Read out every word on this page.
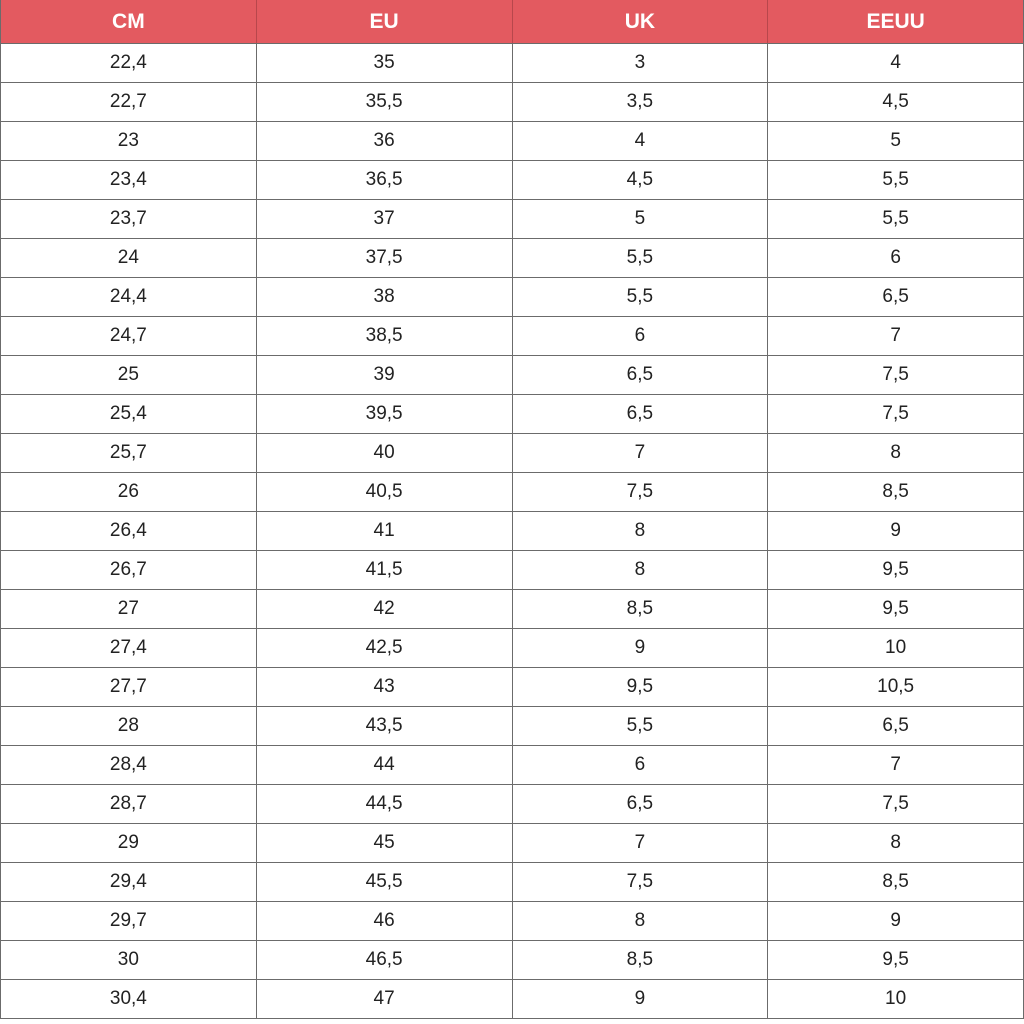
CM	EU	UK	EEUU
22,4	35	3	4
22,7	35,5	3,5	4,5
23	36	4	5
23,4	36,5	4,5	5,5
23,7	37	5	5,5
24	37,5	5,5	6
24,4	38	5,5	6,5
24,7	38,5	6	7
25	39	6,5	7,5
25,4	39,5	6,5	7,5
25,7	40	7	8
26	40,5	7,5	8,5
26,4	41	8	9
26,7	41,5	8	9,5
27	42	8,5	9,5
27,4	42,5	9	10
27,7	43	9,5	10,5
28	43,5	5,5	6,5
28,4	44	6	7
28,7	44,5	6,5	7,5
29	45	7	8
29,4	45,5	7,5	8,5
29,7	46	8	9
30	46,5	8,5	9,5
30,4	47	9	10
